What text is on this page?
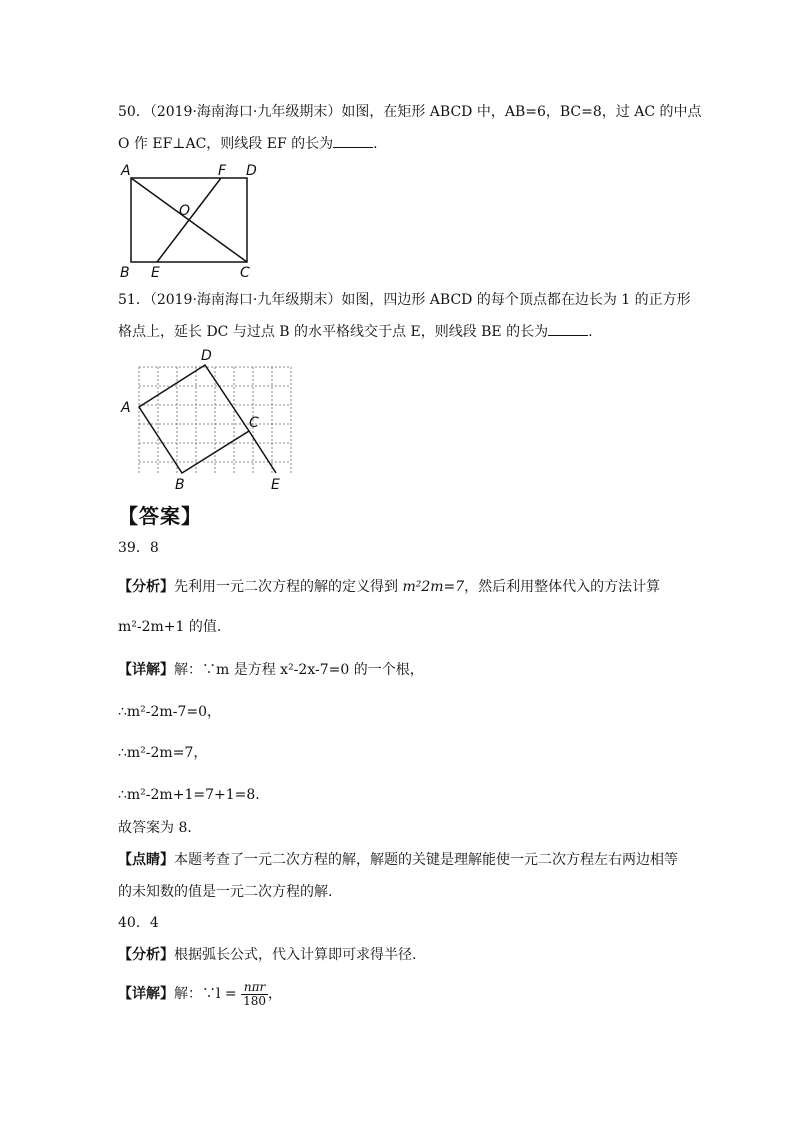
50．（2019·海南海口·九年级期末）如图，在矩形 ABCD 中，AB=6，BC=8，过 AC 的中点
O 作 EF⊥AC，则线段 EF 的长为	.
A	F D
O
B E	C
51．（2019·海南海口·九年级期末）如图，四边形 ABCD 的每个顶点都在边长为 1 的正方形
格点上，延长 DC 与过点 B 的水平格线交于点 E，则线段 BE 的长为	.
A
D
C
B	E
【答案】
39．8
【分析】先利用一元二次方程的解的定义得到 m²2m=7，然后利用整体代入的方法计算
m²-2m+1 的值.
【详解】解：∵m 是方程 x²-2x-7=0 的一个根，
∴m²-2m-7=0，
∴m²-2m=7，
∴m²-2m+1=7+1=8.
故答案为 8．
【点睛】本题考查了一元二次方程的解，解题的关键是理解能使一元二次方程左右两边相等
的未知数的值是一元二次方程的解.
40．4
【分析】根据弧长公式，代入计算即可求得半径.
【详解】解：∵l = $\frac{\text{nπr}}{180}$ ，
